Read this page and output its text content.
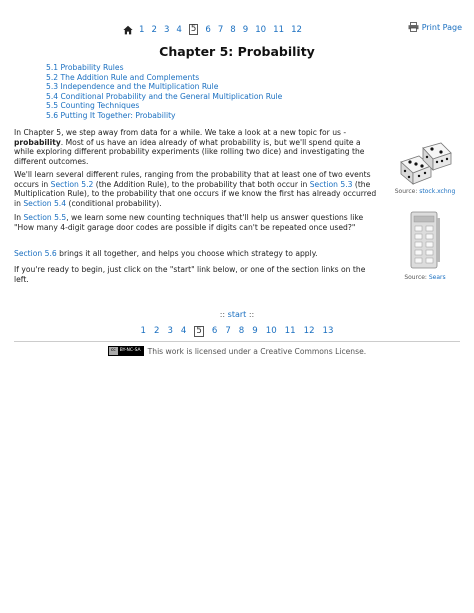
1 2 3 4 5 6 7 8 9 10 11 12	Print Page
Chapter 5: Probability
5.1 Probability Rules
5.2 The Addition Rule and Complements
5.3 Independence and the Multiplication Rule
5.4 Conditional Probability and the General Multiplication Rule
5.5 Counting Techniques
5.6 Putting It Together: Probability
In Chapter 5, we step away from data for a while. We take a look at a new topic for us - probability. Most of us have an idea already of what probability is, but we'll spend quite a while exploring different probability experiments (like rolling two dice) and investigating the different outcomes.
We'll learn several different rules, ranging from the probability that at least one of two events occurs in Section 5.2 (the Addition Rule), to the probability that both occur in Section 5.3 (the Multiplication Rule), to the probability that one occurs if we know the first has already occurred in Section 5.4 (conditional probability).
In Section 5.5, we learn some new counting techniques that'll help us answer questions like "How many 4-digit garage door codes are possible if digits can't be repeated once used?"
Section 5.6 brings it all together, and helps you choose which strategy to apply.
If you're ready to begin, just click on the "start" link below, or one of the section links on the left.
Source: stock.xchng
Source: Sears
:: start ::
1 2 3 4 5 6 7 8 9 10 11 12 13
cc BY-NC-SA This work is licensed under a Creative Commons License.
